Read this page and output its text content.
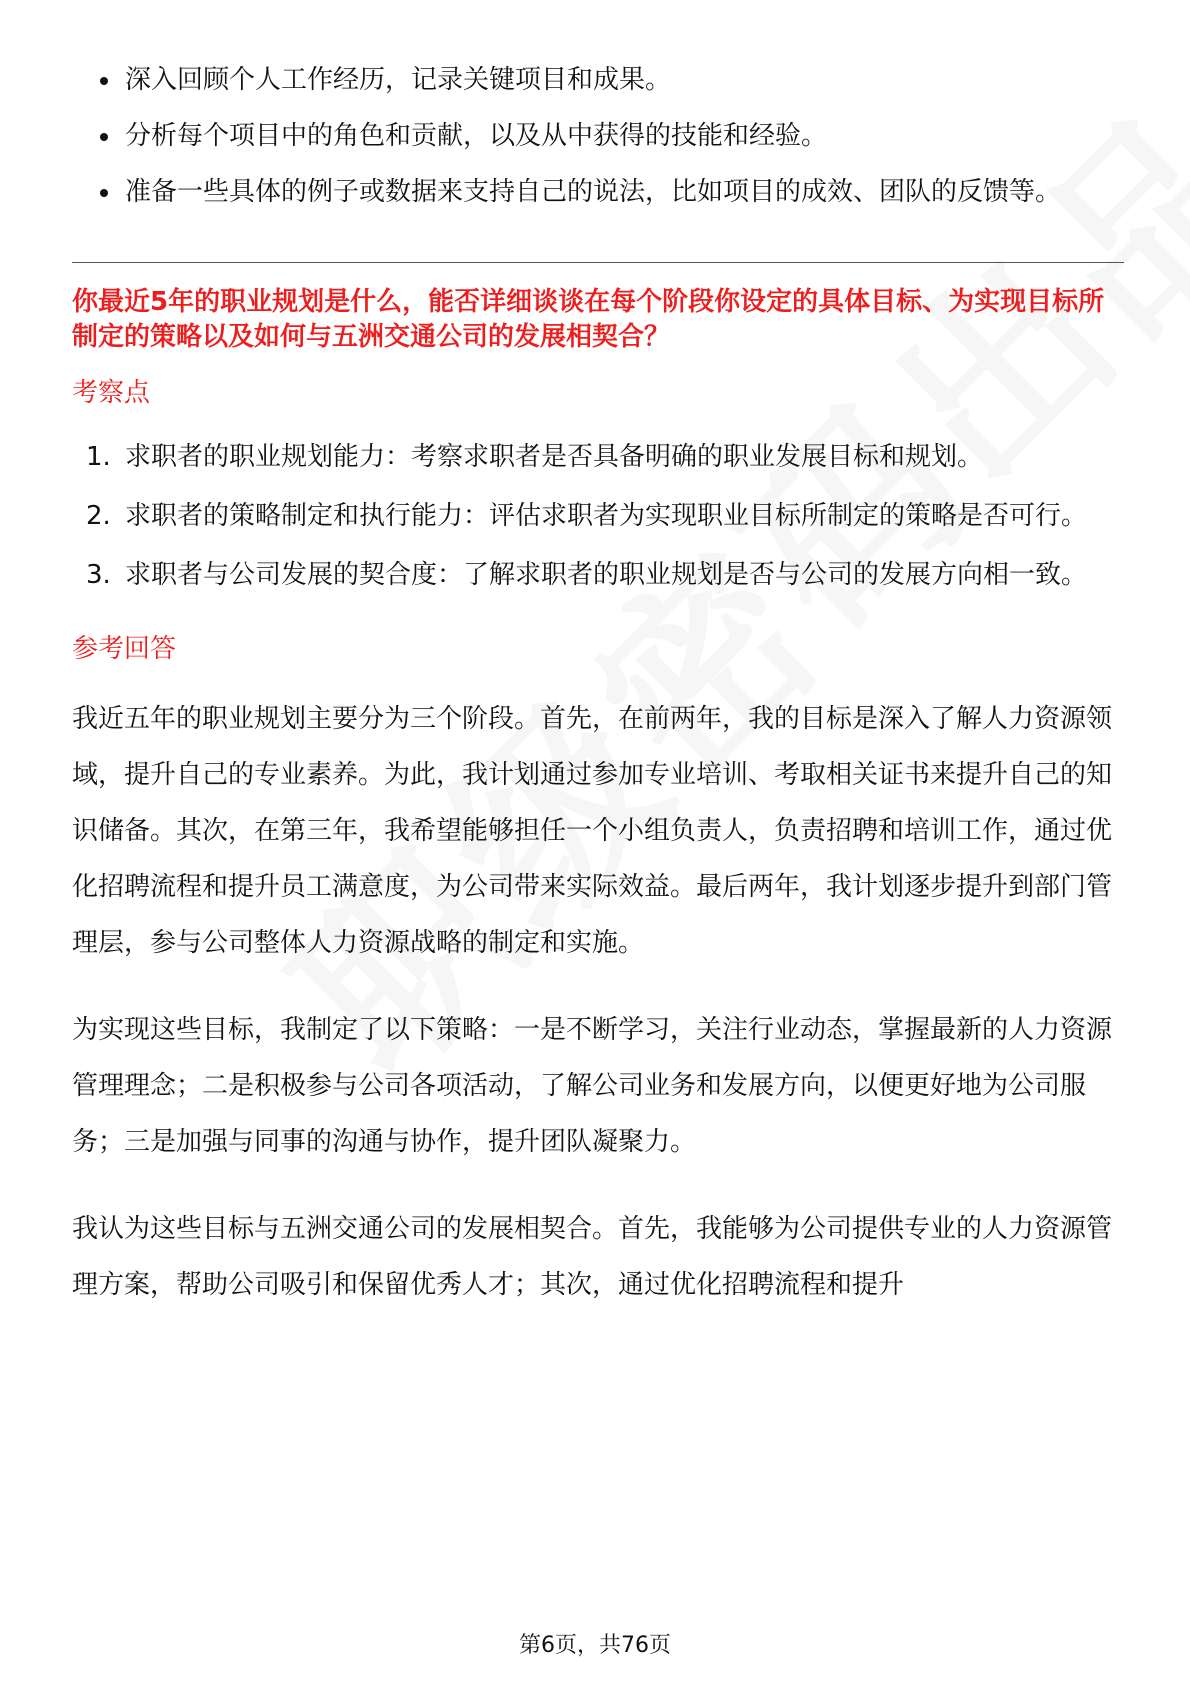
深入回顾个人工作经历，记录关键项目和成果。
分析每个项目中的角色和贡献，以及从中获得的技能和经验。
准备一些具体的例子或数据来支持自己的说法，比如项目的成效、团队的反馈等。

你最近5年的职业规划是什么，能否详细谈谈在每个阶段你设定的具体目标、为实现目标所制定的策略以及如何与五洲交通公司的发展相契合？

考察点
1. 求职者的职业规划能力：考察求职者是否具备明确的职业发展目标和规划。
2. 求职者的策略制定和执行能力：评估求职者为实现职业目标所制定的策略是否可行。
3. 求职者与公司发展的契合度：了解求职者的职业规划是否与公司的发展方向相一致。
参考回答

我近五年的职业规划主要分为三个阶段。首先，在前两年，我的目标是深入了解人力资源领域，提升自己的专业素养。为此，我计划通过参加专业培训、考取相关证书来提升自己的知识储备。其次，在第三年，我希望能够担任一个小组负责人，负责招聘和培训工作，通过优化招聘流程和提升员工满意度，为公司带来实际效益。最后两年，我计划逐步提升到部门管理层，参与公司整体人力资源战略的制定和实施。

为实现这些目标，我制定了以下策略：一是不断学习，关注行业动态，掌握最新的人力资源管理理念；二是积极参与公司各项活动，了解公司业务和发展方向，以便更好地为公司服务；三是加强与同事的沟通与协作，提升团队凝聚力。

我认为这些目标与五洲交通公司的发展相契合。首先，我能够为公司提供专业的人力资源管理方案，帮助公司吸引和保留优秀人才；其次，通过优化招聘流程和提升

第6页，共76页
